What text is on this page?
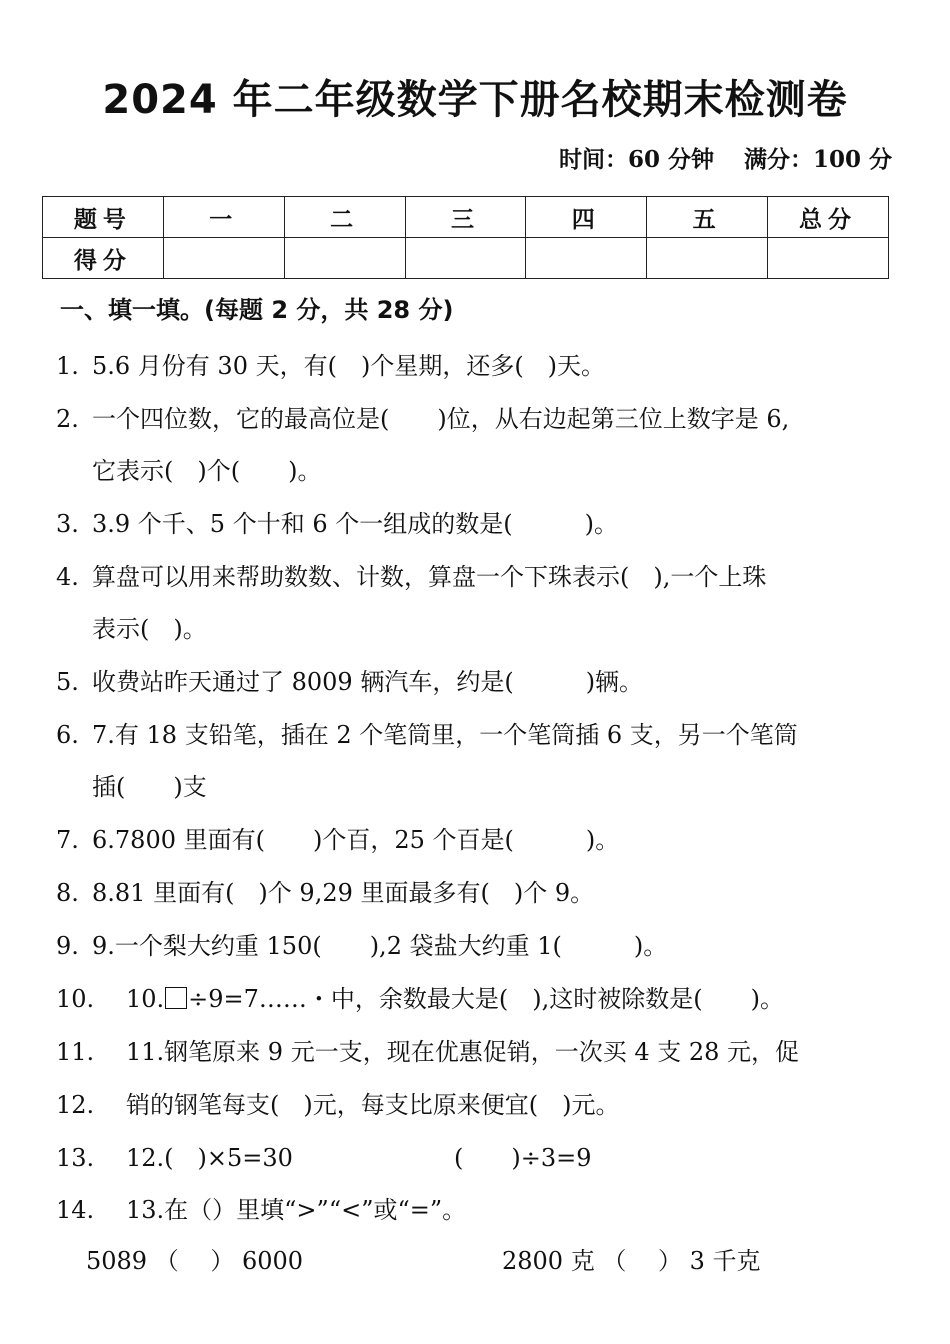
2024 年二年级数学下册名校期末检测卷
时间：60 分钟 满分：100 分
题号	一	二	三	四	五	总分
得分						
一、填一填。(每题 2 分，共 28 分)
1. 5.6 月份有 30 天，有(　)个星期，还多(　)天。
2. 一个四位数，它的最高位是(　　)位，从右边起第三位上数字是 6,
它表示(　)个(　　)。
3. 3.9 个千、5 个十和 6 个一组成的数是(　　　)。
4. 算盘可以用来帮助数数、计数，算盘一个下珠表示(　),一个上珠
表示(　)。
5. 收费站昨天通过了 8009 辆汽车，约是(　　　)辆。
6. 7.有 18 支铅笔，插在 2 个笔筒里，一个笔筒插 6 支，另一个笔筒
插(　　)支
7. 6.7800 里面有(　　)个百，25 个百是(　　　)。
8. 8.81 里面有(　)个 9,29 里面最多有(　)个 9。
9. 9.一个梨大约重 150(　　),2 袋盐大约重 1(　　　)。
10. 10. ÷9=7……・中，余数最大是(　),这时被除数是(　　)。
11. 11.钢笔原来 9 元一支，现在优惠促销，一次买 4 支 28 元，促
12. 销的钢笔每支(　)元，每支比原来便宜(　)元。
13. 12.(　)×5=30	(　　)÷3=9
14. 13.在（）里填“>”“<”或“=”。
5089 （　 ） 6000	2800 克 （　 ） 3 千克
